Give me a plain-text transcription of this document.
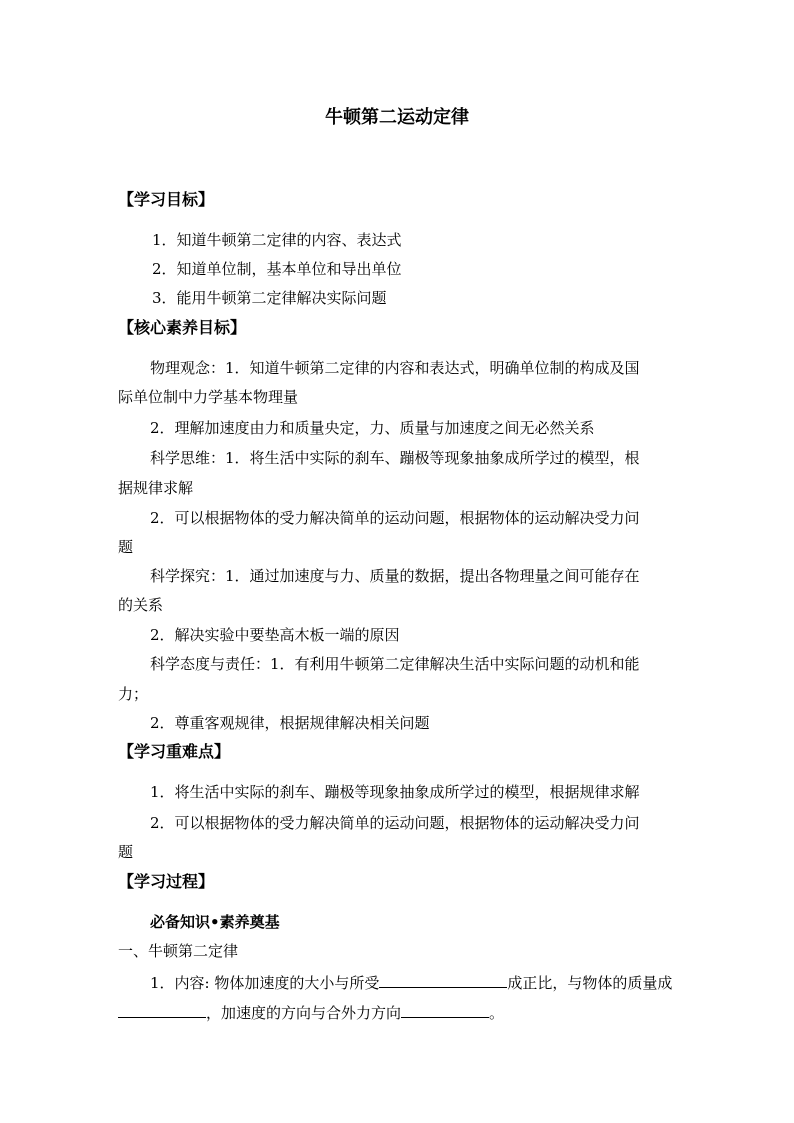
牛顿第二运动定律
【学习目标】
1．知道牛顿第二定律的内容、表达式
2．知道单位制，基本单位和导出单位
3．能用牛顿第二定律解决实际问题
【核心素养目标】
物理观念：1．知道牛顿第二定律的内容和表达式，明确单位制的构成及国
际单位制中力学基本物理量
2．理解加速度由力和质量央定，力、质量与加速度之间无必然关系
科学思维：1．将生活中实际的刹车、蹦极等现象抽象成所学过的模型，根
据规律求解
2．可以根据物体的受力解决简单的运动问题，根据物体的运动解决受力问
题
科学探究：1．通过加速度与力、质量的数据，提出各物理量之间可能存在
的关系
2．解决实验中要垫高木板一端的原因
科学态度与责任：1．有利用牛顿第二定律解决生活中实际问题的动机和能
力；
2．尊重客观规律，根据规律解决相关问题
【学习重难点】
1．将生活中实际的刹车、蹦极等现象抽象成所学过的模型，根据规律求解
2．可以根据物体的受力解决简单的运动问题，根据物体的运动解决受力问
题
【学习过程】
必备知识•素养奠基
一、牛顿第二定律
1．内容: 物体加速度的大小与所受	成正比，与物体的质量成
，加速度的方向与合外力方向	。
